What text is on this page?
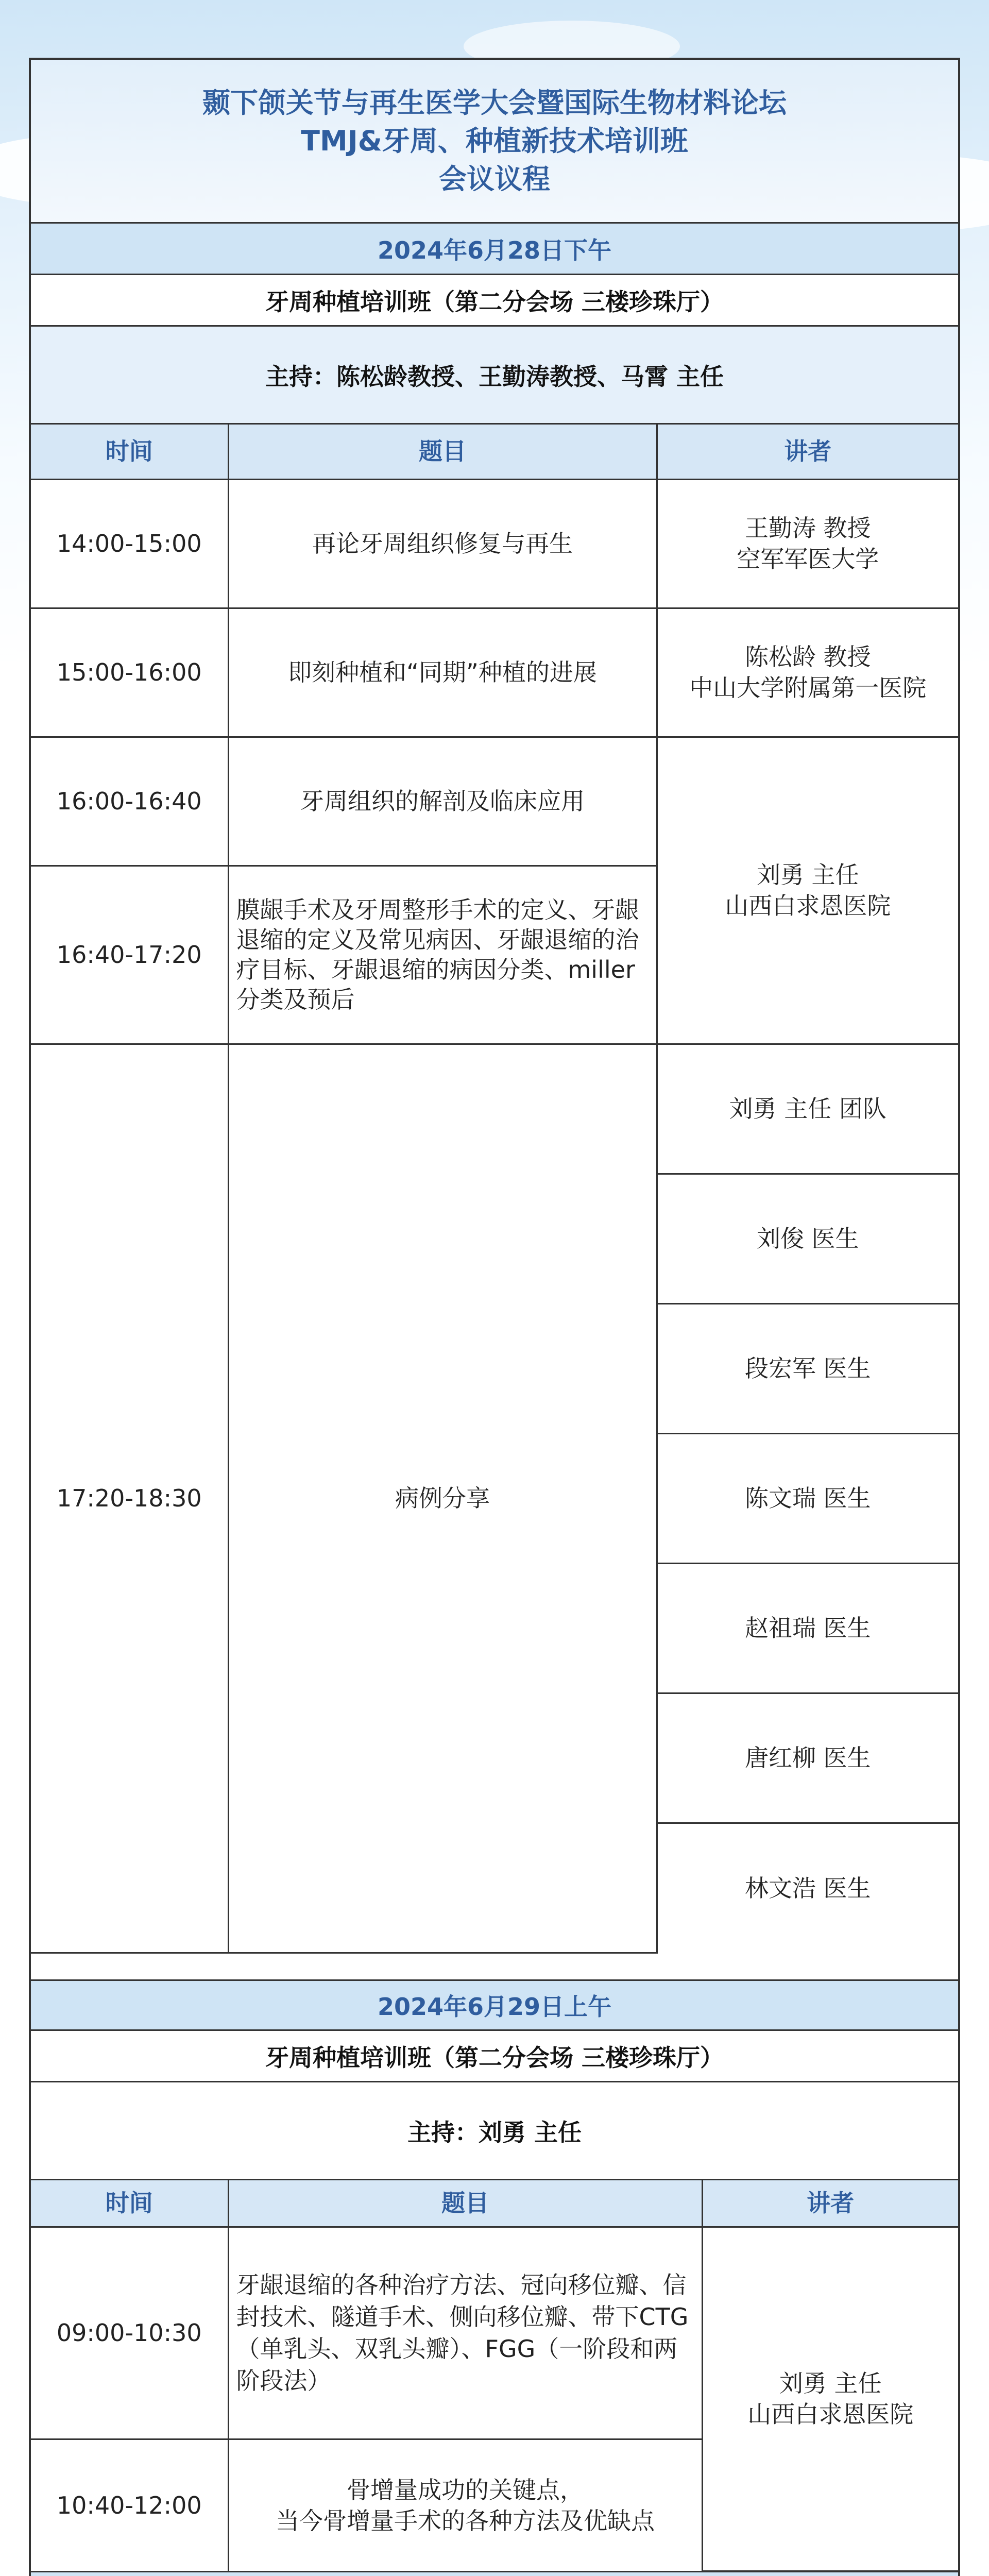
颞下颌关节与再生医学大会暨国际生物材料论坛
TMJ&牙周、种植新技术培训班
会议议程
2024年6月28日下午
牙周种植培训班（第二分会场 三楼珍珠厅）
主持：陈松龄教授、王勤涛教授、马霄 主任
时间	题目	讲者
14:00-15:00	再论牙周组织修复与再生	王勤涛 教授
空军军医大学

15:00-16:00	即刻种植和“同期”种植的进展	陈松龄 教授
中山大学附属第一医院

16:00-16:40	牙周组织的解剖及临床应用	刘勇 主任
山西白求恩医院

16:40-17:20	膜龈手术及牙周整形手术的定义、牙龈退缩的定义及常见病因、牙龈退缩的治疗目标、牙龈退缩的病因分类、miller分类及预后	
17:20-18:30	病例分享	刘勇 主任 团队
		刘俊 医生
		段宏军 医生
		陈文瑞 医生
		赵祖瑞 医生
		唐红柳 医生
		林文浩 医生
2024年6月29日上午
牙周种植培训班（第二分会场 三楼珍珠厅）
主持：刘勇 主任
时间	题目	讲者
09:00-10:30	牙龈退缩的各种治疗方法、冠向移位瓣、信封技术、隧道手术、侧向移位瓣、带下CTG（单乳头、双乳头瓣）、FGG（一阶段和两阶段法）	刘勇 主任
山西白求恩医院

10:40-12:00	骨增量成功的关键点，
当今骨增量手术的各种方法及优缺点	
